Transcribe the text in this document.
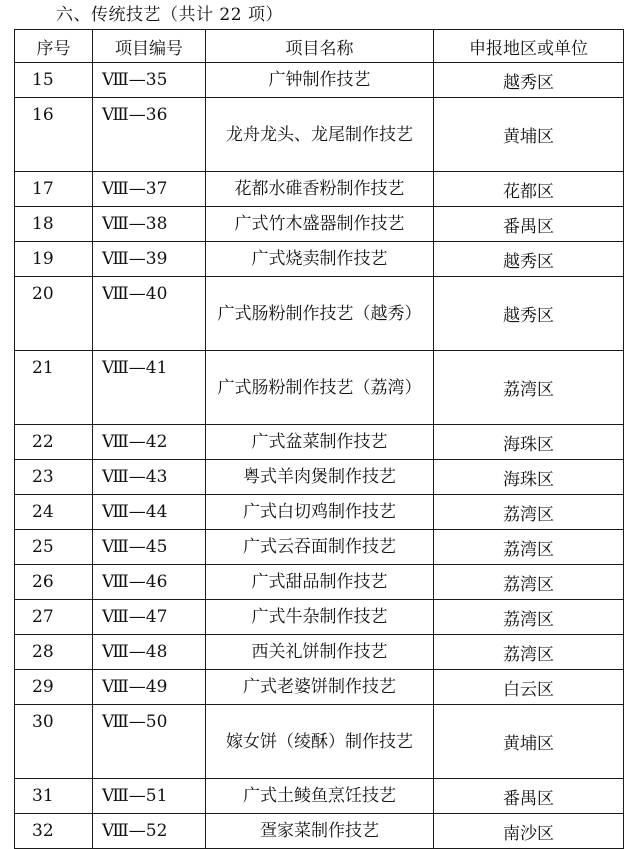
六、传统技艺（共计 22 项）
序号	项目编号	项目名称	申报地区或单位
15	Ⅷ—35	广钟制作技艺	越秀区
16	Ⅷ—36	龙舟龙头、龙尾制作技艺	黄埔区
17	Ⅷ—37	花都水碓香粉制作技艺	花都区
18	Ⅷ—38	广式竹木盛器制作技艺	番禺区
19	Ⅷ—39	广式烧卖制作技艺	越秀区
20	Ⅷ—40	广式肠粉制作技艺（越秀）	越秀区
21	Ⅷ—41	广式肠粉制作技艺（荔湾）	荔湾区
22	Ⅷ—42	广式盆菜制作技艺	海珠区
23	Ⅷ—43	粤式羊肉煲制作技艺	海珠区
24	Ⅷ—44	广式白切鸡制作技艺	荔湾区
25	Ⅷ—45	广式云吞面制作技艺	荔湾区
26	Ⅷ—46	广式甜品制作技艺	荔湾区
27	Ⅷ—47	广式牛杂制作技艺	荔湾区
28	Ⅷ—48	西关礼饼制作技艺	荔湾区
29	Ⅷ—49	广式老婆饼制作技艺	白云区
30	Ⅷ—50	嫁女饼（绫酥）制作技艺	黄埔区
31	Ⅷ—51	广式土鲮鱼烹饪技艺	番禺区
32	Ⅷ—52	疍家菜制作技艺	南沙区
